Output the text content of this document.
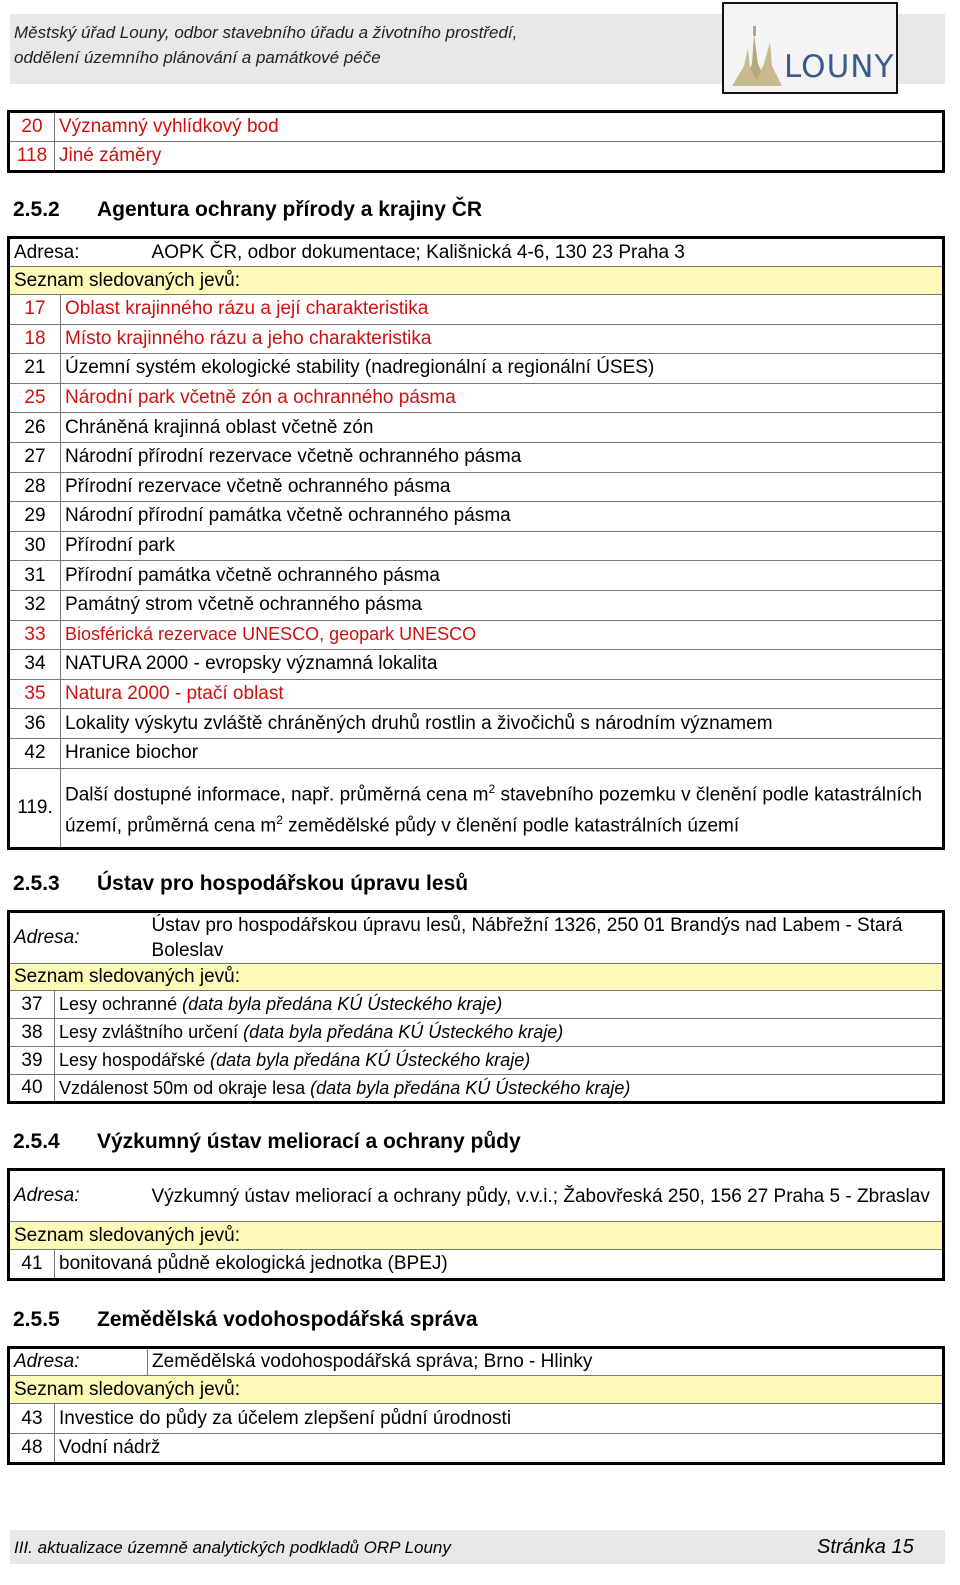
Městský úřad Louny, odbor stavebního úřadu a životního prostředí,
oddělení územního plánování a památkové péče	LOUNY
20	Významný vyhlídkový bod
118	Jiné záměry
2.5.2 Agentura ochrany přírody a krajiny ČR
Adresa:		AOPK ČR, odbor dokumentace; Kališnická 4-6, 130 23 Praha 3
Seznam sledovaných jevů:		
17	Oblast krajinného rázu a její charakteristika	
18	Místo krajinného rázu a jeho charakteristika	
21	Územní systém ekologické stability (nadregionální a regionální ÚSES)	
25	Národní park včetně zón a ochranného pásma	
26	Chráněná krajinná oblast včetně zón	
27	Národní přírodní rezervace včetně ochranného pásma	
28	Přírodní rezervace včetně ochranného pásma	
29	Národní přírodní památka včetně ochranného pásma	
30	Přírodní park	
31	Přírodní památka včetně ochranného pásma	
32	Památný strom včetně ochranného pásma	
33	Biosférická rezervace UNESCO, geopark UNESCO	
34	NATURA 2000 - evropsky významná lokalita	
35	Natura 2000 - ptačí oblast	
36	Lokality výskytu zvláště chráněných druhů rostlin a živočichů s národním významem	
42	Hranice biochor	
119.	Další dostupné informace, např. průměrná cena $m^2$ stavebního pozemku v členění podle katastrálních území, průměrná cena $m^2$ zemědělské půdy v členění podle katastrálních území	
2.5.3 Ústav pro hospodářskou úpravu lesů
Adresa:		Ústav pro hospodářskou úpravu lesů, Nábřežní 1326, 250 01 Brandýs nad Labem - Stará Boleslav
Seznam sledovaných jevů:		
37	Lesy ochranné (data byla předána KÚ Ústeckého kraje)	
38	Lesy zvláštního určení (data byla předána KÚ Ústeckého kraje)	
39	Lesy hospodářské (data byla předána KÚ Ústeckého kraje)	
40	Vzdálenost 50m od okraje lesa (data byla předána KÚ Ústeckého kraje)	
2.5.4 Výzkumný ústav meliorací a ochrany půdy
Adresa:		Výzkumný ústav meliorací a ochrany půdy, v.v.i.; Žabovřeská 250, 156 27 Praha 5 - Zbraslav
Seznam sledovaných jevů:		
41	bonitovaná půdně ekologická jednotka (BPEJ)	
2.5.5 Zemědělská vodohospodářská správa
Adresa:		Zemědělská vodohospodářská správa; Brno - Hlinky
Seznam sledovaných jevů:		
43	Investice do půdy za účelem zlepšení půdní úrodnosti	
48	Vodní nádrž	
III. aktualizace územně analytických podkladů ORP Louny	Stránka 15
